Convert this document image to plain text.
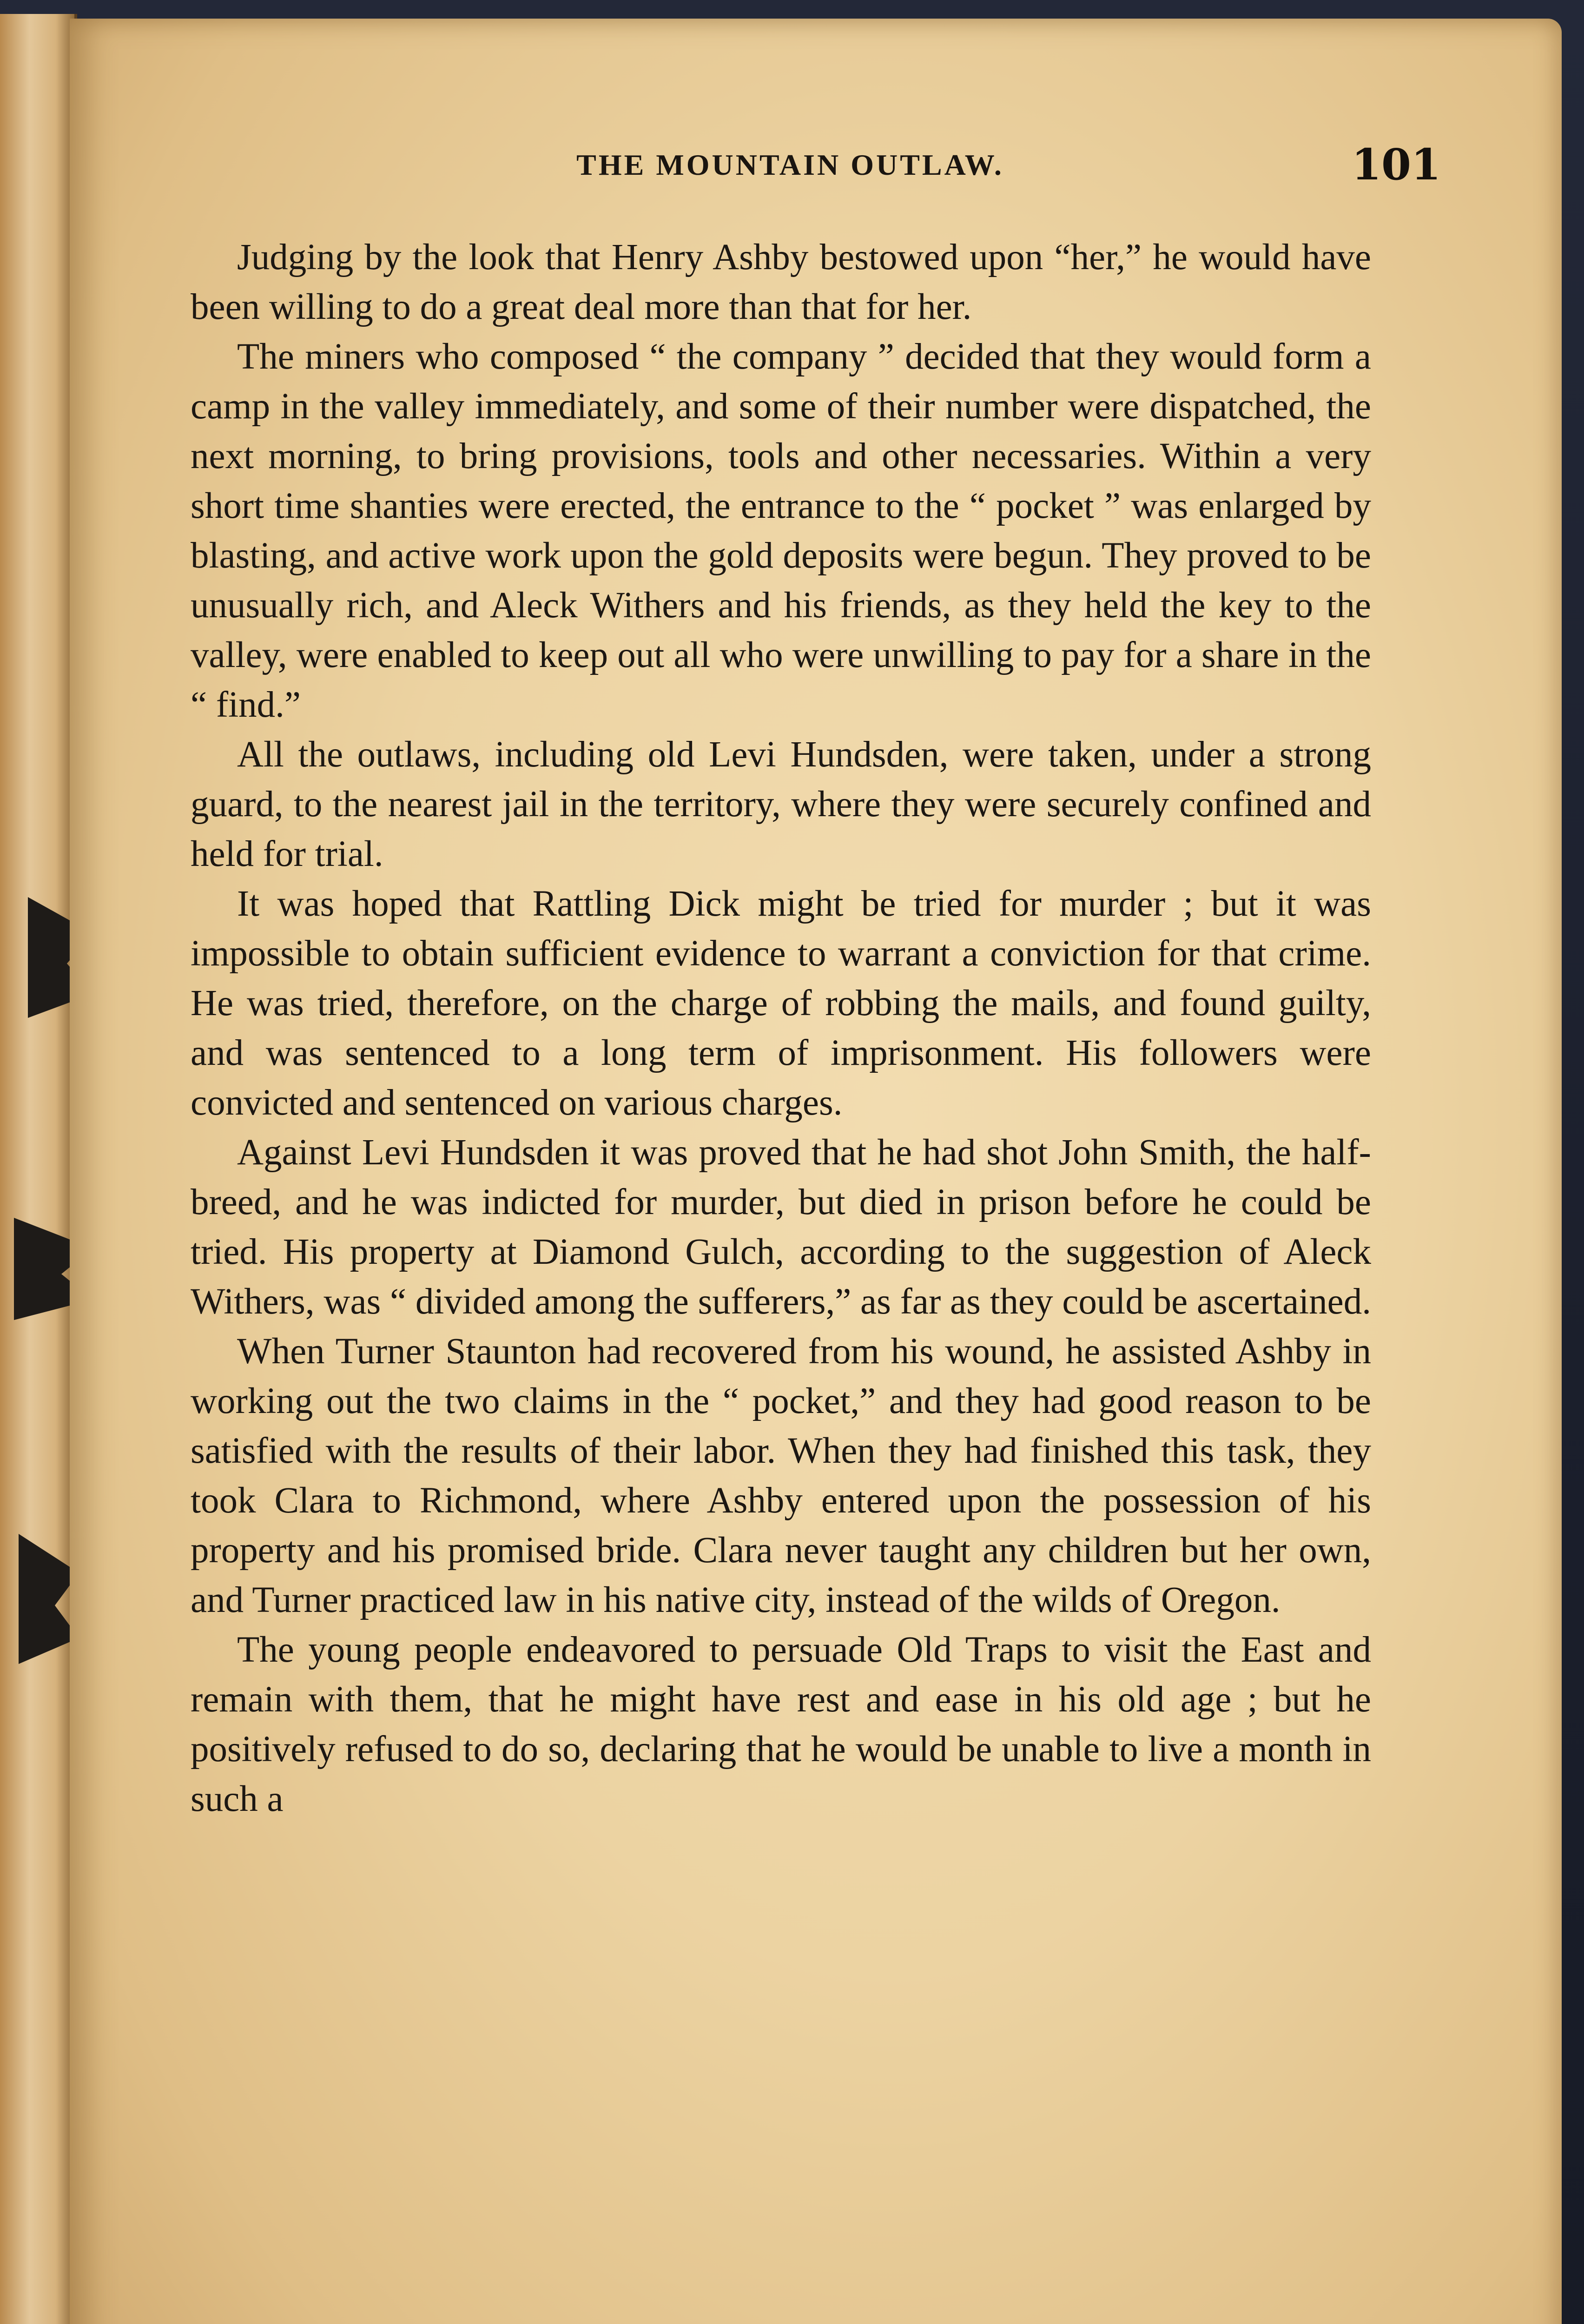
THE MOUNTAIN OUTLAW.	101

Judging by the look that Henry Ashby bestowed upon “her,” he would have been willing to do a great deal more than that for her.

The miners who composed “ the company ” decided that they would form a camp in the valley immediately, and some of their number were dispatched, the next morning, to bring provisions, tools and other necessaries. Within a very short time shanties were erected, the entrance to the “ pocket ” was enlarged by blasting, and active work upon the gold deposits were begun. They proved to be unusually rich, and Aleck Withers and his friends, as they held the key to the valley, were enabled to keep out all who were unwilling to pay for a share in the “ find.”

All the outlaws, including old Levi Hundsden, were taken, under a strong guard, to the nearest jail in the territory, where they were securely confined and held for trial.

It was hoped that Rattling Dick might be tried for murder ; but it was impossible to obtain sufficient evidence to warrant a conviction for that crime. He was tried, therefore, on the charge of robbing the mails, and found guilty, and was sentenced to a long term of imprisonment. His followers were convicted and sentenced on various charges.

Against Levi Hundsden it was proved that he had shot John Smith, the half-breed, and he was indicted for murder, but died in prison before he could be tried. His property at Diamond Gulch, according to the suggestion of Aleck Withers, was “ divided among the sufferers,” as far as they could be ascertained.

When Turner Staunton had recovered from his wound, he assisted Ashby in working out the two claims in the “ pocket,” and they had good reason to be satisfied with the results of their labor. When they had finished this task, they took Clara to Richmond, where Ashby entered upon the possession of his property and his promised bride. Clara never taught any children but her own, and Turner practiced law in his native city, instead of the wilds of Oregon.

The young people endeavored to persuade Old Traps to visit the East and remain with them, that he might have rest and ease in his old age ; but he positively refused to do so, declaring that he would be unable to live a month in such a
